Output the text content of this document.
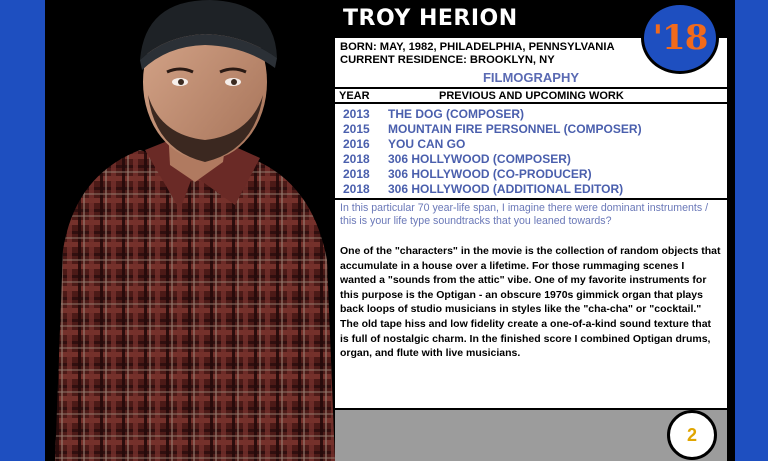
TROY HERION	'18
BORN: MAY, 1982, PHILADELPHIA, PENNSYLVANIA
CURRENT RESIDENCE: BROOKLYN, NY
FILMOGRAPHY
YEAR	PREVIOUS AND UPCOMING WORK
2013 THE DOG (COMPOSER)
2015 MOUNTAIN FIRE PERSONNEL (COMPOSER)
2016 YOU CAN GO
2018 306 HOLLYWOOD (COMPOSER)
2018 306 HOLLYWOOD (CO-PRODUCER)
2018 306 HOLLYWOOD (ADDITIONAL EDITOR)
In this particular 70 year-life span, I imagine there were dominant instruments / this is your life type soundtracks that you leaned towards?
One of the "characters" in the movie is the collection of random objects that accumulate in a house over a lifetime. For those rummaging scenes I wanted a "sounds from the attic" vibe. One of my favorite instruments for this purpose is the Optigan - an obscure 1970s gimmick organ that plays back loops of studio musicians in styles like the "cha-cha" or "cocktail." The old tape hiss and low fidelity create a one-of-a-kind sound texture that is full of nostalgic charm. In the finished score I combined Optigan drums, organ, and flute with live musicians.
2
